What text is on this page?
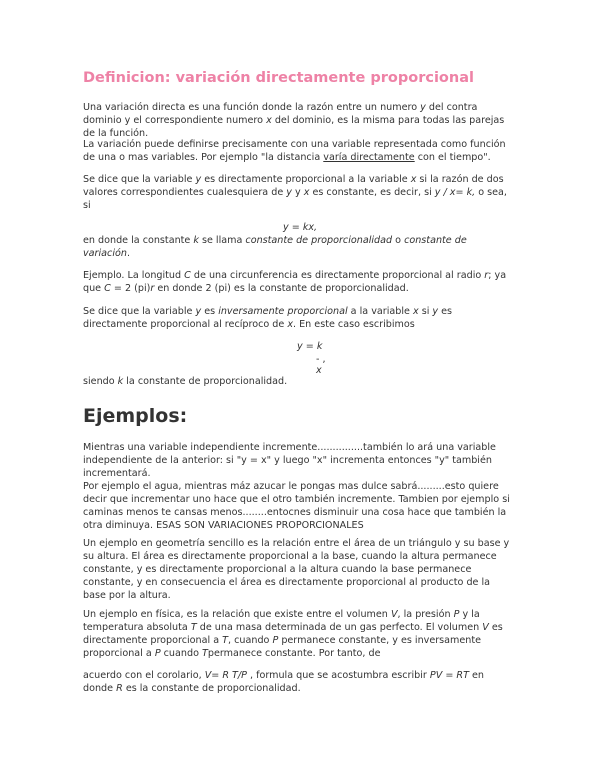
Definicion: variación directamente proporcional

Una variación directa es una función donde la razón entre un numero y del contra dominio y el correspondiente numero x del dominio, es la misma para todas las parejas de la función.

La variación puede definirse precisamente con una variable representada como función de una o mas variables. Por ejemplo "la distancia varía directamente con el tiempo".

Se dice que la variable y es directamente proporcional a la variable x si la razón de dos valores correspondientes cualesquiera de y y x es constante, es decir, si y / x= k, o sea, si

y = kx,

en donde la constante k se llama constante de proporcionalidad o constante de variación.

Ejemplo. La longitud C de una circunferencia es directamente proporcional al radio r; ya que C = 2 (pi)r en donde 2 (pi) es la constante de proporcionalidad.

Se dice que la variable y es inversamente proporcional a la variable x si y es directamente proporcional al recíproco de x. En este caso escribimos

y = k

- ,

x

siendo k la constante de proporcionalidad.

Ejemplos:

Mientras una variable independiente incremente...............también lo ará una variable independiente de la anterior: si "y = x" y luego "x" incrementa entonces "y" también incrementará.

Por ejemplo el agua, mientras máz azucar le pongas mas dulce sabrá.........esto quiere decir que incrementar uno hace que el otro también incremente. Tambien por ejemplo si caminas menos te cansas menos........entocnes disminuir una cosa hace que también la otra diminuya. ESAS SON VARIACIONES PROPORCIONALES

Un ejemplo en geometría sencillo es la relación entre el área de un triángulo y su base y su altura. El área es directamente proporcional a la base, cuando la altura permanece constante, y es directamente proporcional a la altura cuando la base permanece constante, y en consecuencia el área es directamente proporcional al producto de la base por la altura.

Un ejemplo en física, es la relación que existe entre el volumen V, la presión P y la temperatura absoluta T de una masa determinada de un gas perfecto. El volumen V es directamente proporcional a T, cuando P permanece constante, y es inversamente proporcional a P cuando Tpermanece constante. Por tanto, de

acuerdo con el corolario, V= R T/P , formula que se acostumbra escribir PV = RT en donde R es la constante de proporcionalidad.
